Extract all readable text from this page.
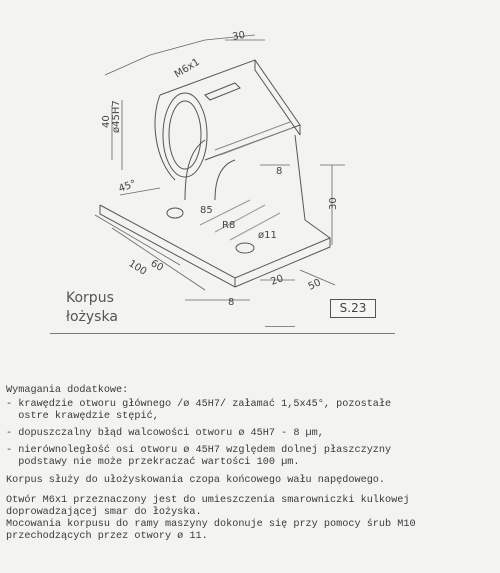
M6x1
30
ø45H7
40
8
30
45°
85
R8
ø11
60
100
20 50
8
Korpus
łożyska
S.23

Wymagania dodatkowe:

- krawędzie otworu głównego /ø 45H7/ załamać 1,5x45°, pozostałe

ostre krawędzie stępić,

- dopuszczalny błąd walcowości otworu ø 45H7 - 8 µm,

- nierównoległość osi otworu ø 45H7 względem dolnej płaszczyzny

podstawy nie może przekraczać wartości 100 µm.

Korpus służy do ułożyskowania czopa końcowego wału napędowego.

Otwór M6x1 przeznaczony jest do umieszczenia smarowniczki kulkowej

doprowadzającej smar do łożyska.

Mocowania korpusu do ramy maszyny dokonuje się przy pomocy śrub M10

przechodzących przez otwory ø 11.
